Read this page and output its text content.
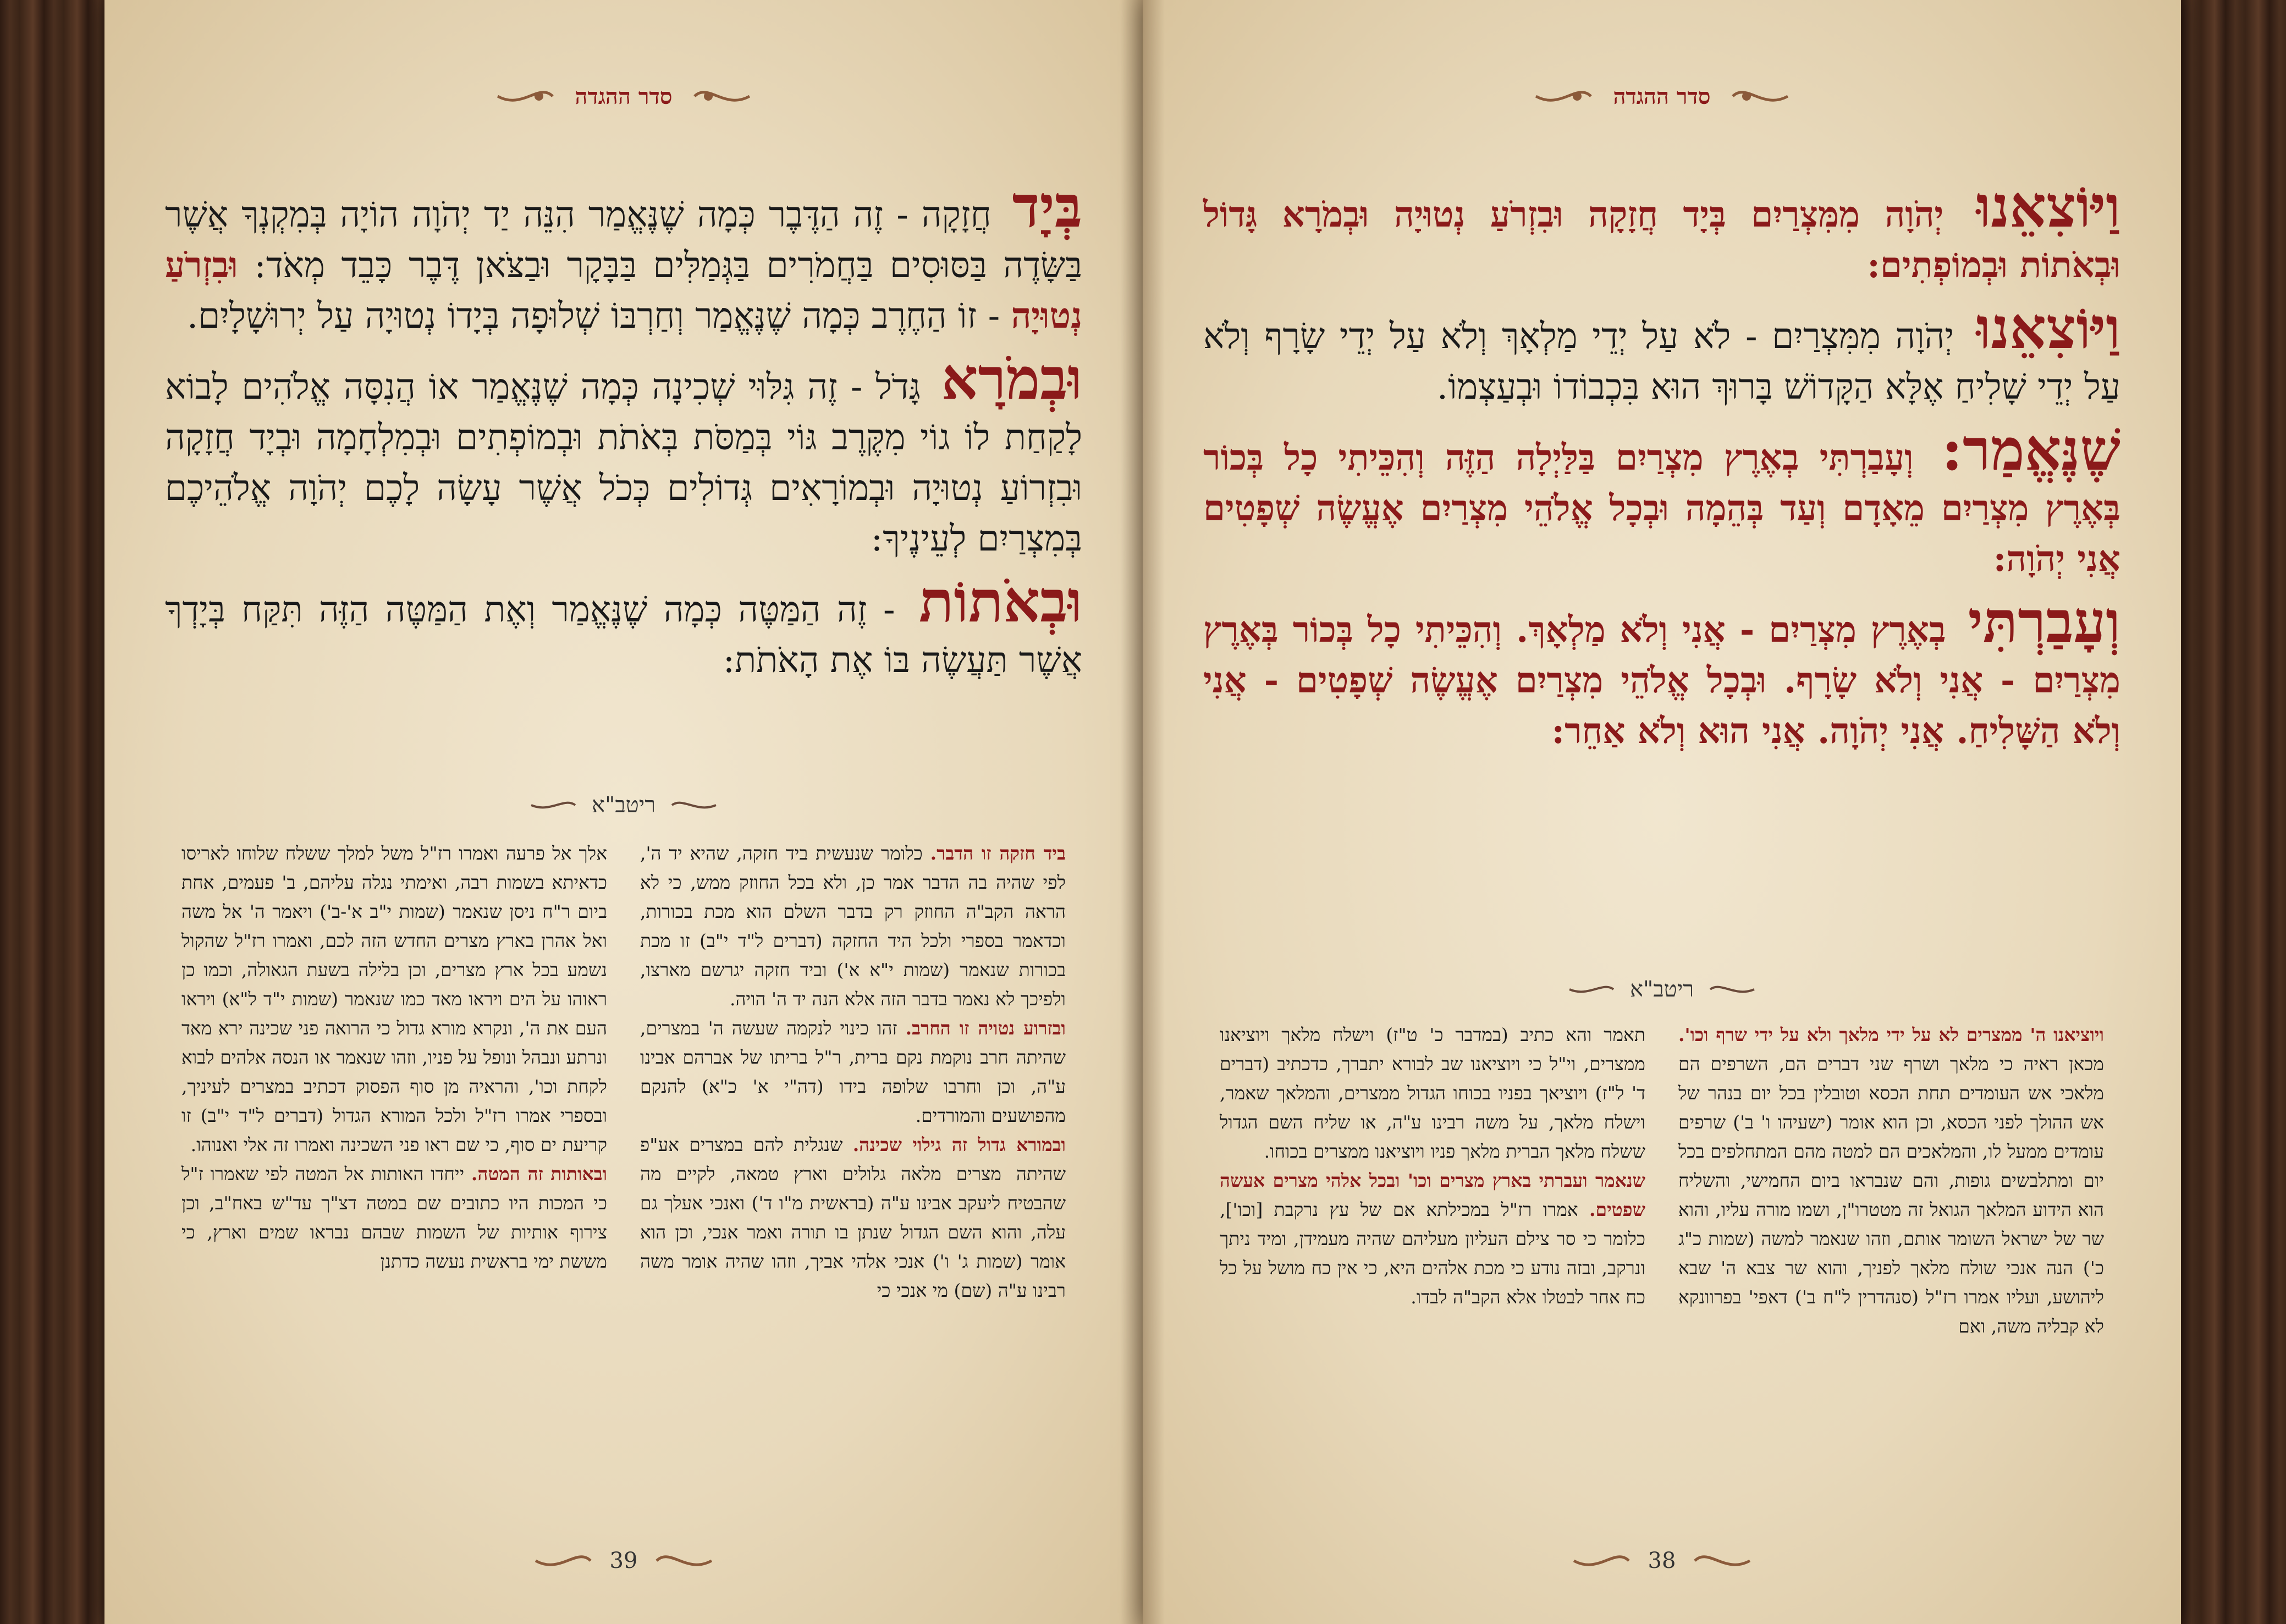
סדר ההגדה

בְּיָד חֲזָקָה - זֶה הַדֶּבֶר כְּמָה שֶׁנֶּאֱמַר הִנֵּה יַד יְהֹוָה הוֹיָה בְּמִקְנְךָ אֲשֶׁר בַּשָּׂדֶה בַּסּוּסִים בַּחֲמֹרִים בַּגְּמַלִּים בַּבָּקָר וּבַצֹּאן דֶּבֶר כָּבֵד מְאֹד: וּבִזְרֹעַ נְטוּיָה - זוֹ הַחֶרֶב כְּמָה שֶׁנֶּאֱמַר וְחַרְבּוֹ שְׁלוּפָה בְּיָדוֹ נְטוּיָה עַל יְרוּשָׁלָיִם.

וּבְמֹרָא גָּדֹל - זֶה גִּלּוּי שְׁכִינָה כְּמָה שֶׁנֶּאֱמַר אוֹ הֲנִסָּה אֱלֹהִים לָבוֹא לָקַחַת לוֹ גוֹי מִקֶּרֶב גּוֹי בְּמַסֹּת בְּאֹתֹת וּבְמוֹפְתִים וּבְמִלְחָמָה וּבְיָד חֲזָקָה וּבִזְרוֹעַ נְטוּיָה וּבְמוֹרָאִים גְּדוֹלִים כְּכֹל אֲשֶׁר עָשָׂה לָכֶם יְהֹוָה אֱלֹהֵיכֶם בְּמִצְרַיִם לְעֵינֶיךָ:

וּבְאֹתוֹת - זֶה הַמַּטֶּה כְּמָה שֶׁנֶּאֱמַר וְאֶת הַמַּטֶּה הַזֶּה תִּקַּח בְּיָדְךָ אֲשֶׁר תַּעֲשֶׂה בּוֹ אֶת הָאֹתֹת:

ריטב"א
ביד חזקה זו הדבר. כלומר שנעשית ביד חזקה, שהיא יד ה', לפי שהיה בה הדבר אמר כן, ולא בכל החוזק ממש, כי לא הראה הקב"ה החוזק רק בדבר השלם הוא מכת בכורות, וכדאמר בספרי ולכל היד החזקה (דברים ל"ד י"ב) זו מכת בכורות שנאמר (שמות י"א א') וביד חזקה יגרשם מארצו, ולפיכך לא נאמר בדבר הזה אלא הנה יד ה' הויה.
ובזרוע נטויה זו החרב. זהו כינוי לנקמה שעשה ה' במצרים, שהיתה חרב נוקמת נקם ברית, ר"ל בריתו של אברהם אבינו ע"ה, וכן וחרבו שלופה בידו (דה"י א' כ"א) להנקם מהפושעים והמורדים.
ובמורא גדול זה גילוי שכינה. שנגלית להם במצרים אע"פ שהיתה מצרים מלאה גלולים וארץ טמאה, לקיים מה שהבטיח ליעקב אבינו ע"ה (בראשית מ"ו ד') ואנכי אעלך גם עלה, והוא השם הגדול שנתן בו תורה ואמר אנכי, וכן הוא אומר (שמות ג' ו') אנכי אלהי אביך, וזהו שהיה אומר משה רבינו ע"ה (שם) מי אנכי כי
אלך אל פרעה ואמרו רז"ל משל למלך ששלח שלוחו לאריסו כדאיתא בשמות רבה, ואימתי נגלה עליהם, ב' פעמים, אחת ביום ר"ח ניסן שנאמר (שמות י"ב א'-ב') ויאמר ה' אל משה ואל אהרן בארץ מצרים החדש הזה לכם, ואמרו רז"ל שהקול נשמע בכל ארץ מצרים, וכן בלילה בשעת הגאולה, וכמו כן ראוהו על הים ויראו מאד כמו שנאמר (שמות י"ד ל"א) ויראו העם את ה', ונקרא מורא גדול כי הרואה פני שכינה ירא מאד ונרתע ונבהל ונופל על פניו, וזהו שנאמר או הנסה אלהים לבוא לקחת וכו', והראיה מן סוף הפסוק דכתיב במצרים לעיניך, ובספרי אמרו רז"ל ולכל המורא הגדול (דברים ל"ד י"ב) זו קריעת ים סוף, כי שם ראו פני השכינה ואמרו זה אלי ואנוהו.
ובאותות זה המטה. ייחדו האותות אל המטה לפי שאמרו ז"ל כי המכות היו כתובים שם במטה דצ"ך עד"ש באח"ב, וכן צירוף אותיות של השמות שבהם נבראו שמים וארץ, כי מששת ימי בראשית נעשה כדתנן
39
סדר ההגדה

וַיּוֹצִאֵנוּ יְהֹוָה מִמִּצְרַיִם בְּיָד חֲזָקָה וּבִזְרֹעַ נְטוּיָה וּבְמֹרָא גָּדוֹל וּבְאֹתוֹת וּבְמוֹפְתִים:

וַיּוֹצִאֵנוּ יְהֹוָה מִמִּצְרַיִם - לֹא עַל יְדֵי מַלְאָךְ וְלֹא עַל יְדֵי שָׂרָף וְלֹא עַל יְדֵי שָׁלִיחַ אֶלָּא הַקָּדוֹשׁ בָּרוּךְ הוּא בִּכְבוֹדוֹ וּבְעַצְמוֹ.

שֶׁנֶּאֱמַר: וְעָבַרְתִּי בְאֶרֶץ מִצְרַיִם בַּלַּיְלָה הַזֶּה וְהִכֵּיתִי כָל בְּכוֹר בְּאֶרֶץ מִצְרַיִם מֵאָדָם וְעַד בְּהֵמָה וּבְכָל אֱלֹהֵי מִצְרַיִם אֶעֱשֶׂה שְׁפָטִים אֲנִי יְהֹוָה:

וְעָבַרְתִּי בְאֶרֶץ מִצְרַיִם - אֲנִי וְלֹא מַלְאָךְ. וְהִכֵּיתִי כָל בְּכוֹר בְּאֶרֶץ מִצְרַיִם - אֲנִי וְלֹא שָׂרָף. וּבְכָל אֱלֹהֵי מִצְרַיִם אֶעֱשֶׂה שְׁפָטִים - אֲנִי וְלֹא הַשָּׁלִיחַ. אֲנִי יְהֹוָה. אֲנִי הוּא וְלֹא אַחֵר:

ריטב"א
ויוציאנו ה' ממצרים לא על ידי מלאך ולא על ידי שרף וכו'. מכאן ראיה כי מלאך ושרף שני דברים הם, השרפים הם מלאכי אש העומדים תחת הכסא וטובלין בכל יום בנהר של אש ההולך לפני הכסא, וכן הוא אומר (ישעיהו ו' ב') שרפים עומדים ממעל לו, והמלאכים הם למטה מהם המתחלפים בכל יום ומתלבשים גופות, והם שנבראו ביום החמישי, והשליח הוא הידוע המלאך הגואל זה מטטרו"ן, ושמו מורה עליו, והוא שר של ישראל השומר אותם, וזהו שנאמר למשה (שמות כ"ג כ') הנה אנכי שולח מלאך לפניך, והוא שר צבא ה' שבא ליהושע, ועליו אמרו רז"ל (סנהדרין ל"ח ב') דאפי' בפרוונקא לא קבליה משה, ואם
תאמר והא כתיב (במדבר כ' ט"ז) וישלח מלאך ויוציאנו ממצרים, וי"ל כי ויוציאנו שב לבורא יתברך, כדכתיב (דברים ד' ל"ז) ויוציאך בפניו בכוחו הגדול ממצרים, והמלאך שאמר, וישלח מלאך, על משה רבינו ע"ה, או שליח השם הגדול ששלח מלאך הברית מלאך פניו ויוציאנו ממצרים בכוחו.
שנאמר ועברתי בארץ מצרים וכו' ובכל אלהי מצרים אעשה שפטים. אמרו רז"ל במכילתא אם של עץ נרקבת [וכו'], כלומר כי סר צילם העליון מעליהם שהיה מעמידן, ומיד ניתך ונרקב, ובזה נודע כי מכת אלהים היא, כי אין כח מושל על כל כח אחר לבטלו אלא הקב"ה לבדו.
38
